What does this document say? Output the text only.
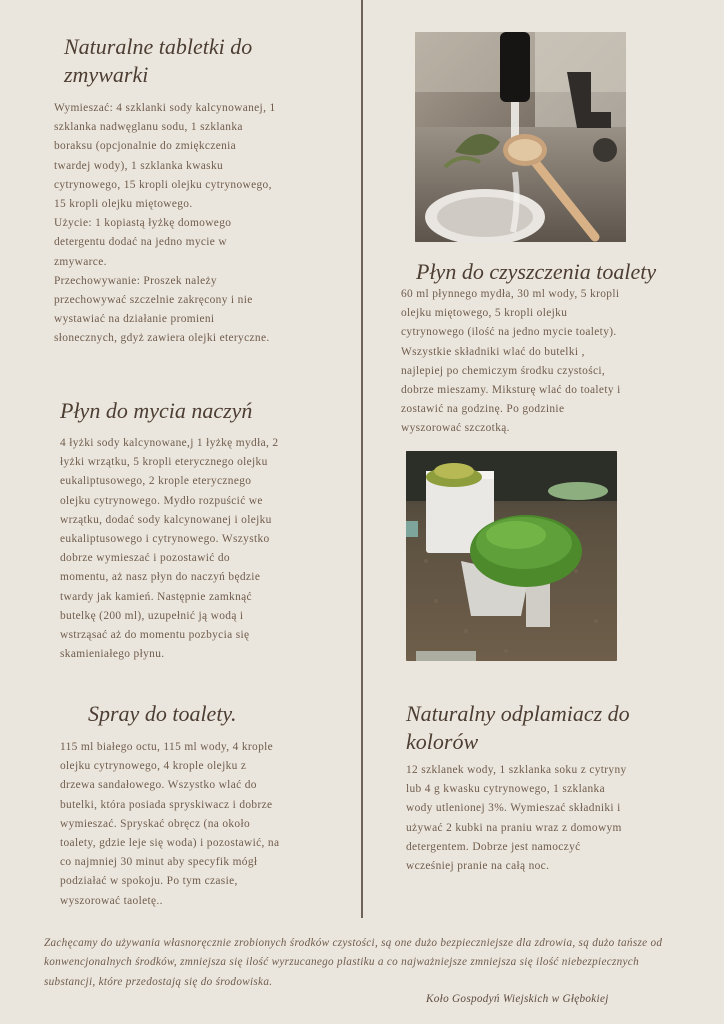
Naturalne tabletki do
zmywarki

Wymieszać: 4 szklanki sody kalcynowanej, 1
szklanka nadwęglanu sodu, 1 szklanka
boraksu (opcjonalnie do zmiękczenia
twardej wody), 1 szklanka kwasku
cytrynowego, 15 kropli olejku cytrynowego,
15 kropli olejku miętowego.
Użycie: 1 kopiastą łyżkę domowego
detergentu dodać na jedno mycie w
zmywarce.
Przechowywanie: Proszek należy
przechowywać szczelnie zakręcony i nie
wystawiać na działanie promieni
słonecznych, gdyż zawiera olejki eteryczne.

Płyn do mycia naczyń

4 łyżki sody kalcynowane,j 1 łyżkę mydła, 2
łyżki wrzątku, 5 kropli eterycznego olejku
eukaliptusowego, 2 krople eterycznego
olejku cytrynowego. Mydło rozpuścić we
wrzątku, dodać sody kalcynowanej i olejku
eukaliptusowego i cytrynowego. Wszystko
dobrze wymieszać i pozostawić do
momentu, aż nasz płyn do naczyń będzie
twardy jak kamień. Następnie zamknąć
butelkę (200 ml), uzupełnić ją wodą i
wstrząsać aż do momentu pozbycia się
skamieniałego płynu.

Spray do toalety.

115 ml białego octu, 115 ml wody, 4 krople
olejku cytrynowego, 4 krople olejku z
drzewa sandałowego. Wszystko wlać do
butelki, która posiada spryskiwacz i dobrze
wymieszać. Spryskać obręcz (na około
toalety, gdzie leje się woda) i pozostawić, na
co najmniej 30 minut aby specyfik mógł
podziałać w spokoju. Po tym czasie,
wyszorować taoletę..

Płyn do czyszczenia toalety

60 ml płynnego mydła, 30 ml wody, 5 kropli
olejku miętowego, 5 kropli olejku
cytrynowego (ilość na jedno mycie toalety).
Wszystkie składniki wlać do butelki ,
najlepiej po chemiczym środku czystości,
dobrze mieszamy. Miksturę wlać do toalety i
zostawić na godzinę. Po godzinie
wyszorować szczotką.

Naturalny odplamiacz do
kolorów

12 szklanek wody, 1 szklanka soku z cytryny
lub 4 g kwasku cytrynowego, 1 szklanka
wody utlenionej 3%. Wymieszać składniki i
używać 2 kubki na praniu wraz z domowym
detergentem. Dobrze jest namoczyć
wcześniej pranie na całą noc.

Zachęcamy do używania własnoręcznie zrobionych środków czystości, są one dużo bezpieczniejsze dla zdrowia, są dużo tańsze od konwencjonalnych środków, zmniejsza się ilość wyrzucanego plastiku a co najważniejsze zmniejsza się ilość niebezpiecznych substancji, które przedostają się do środowiska.

Koło Gospodyń Wiejskich w Głębokiej
